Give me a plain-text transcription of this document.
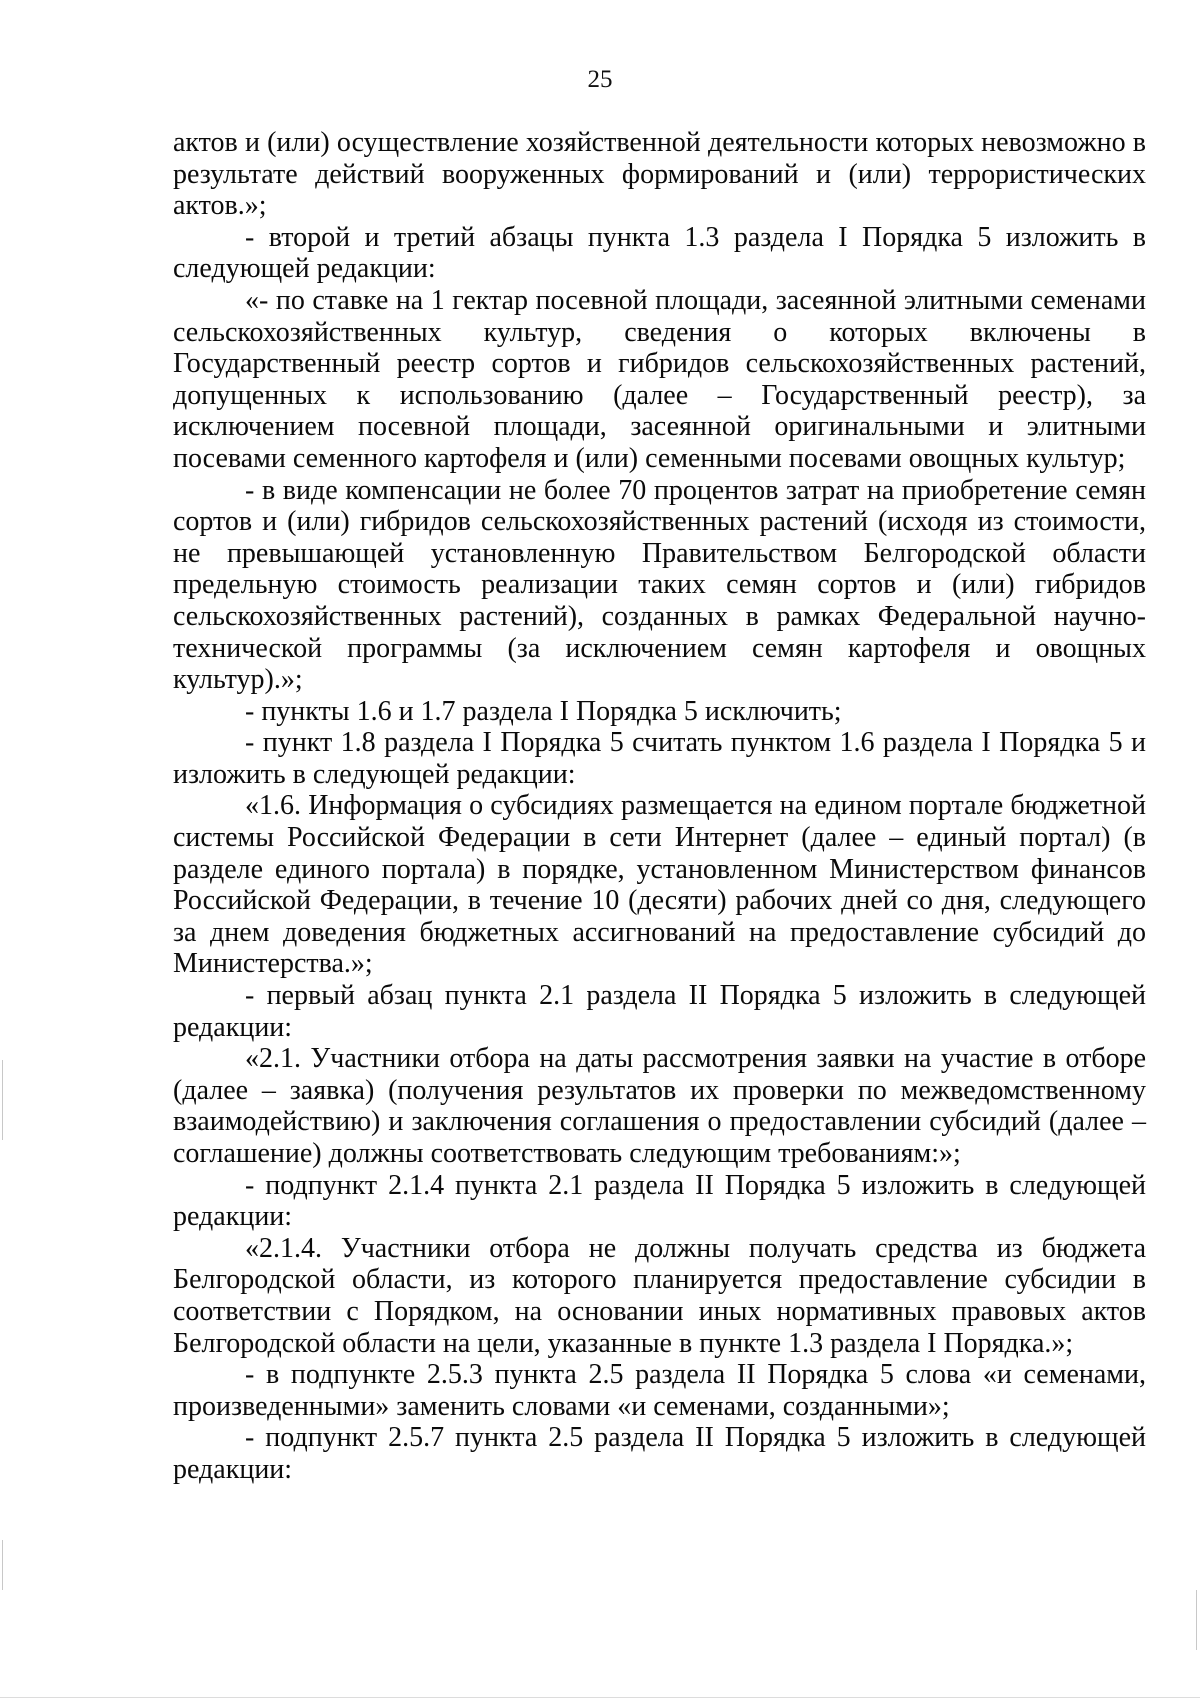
25

актов и (или) осуществление хозяйственной деятельности которых невозможно в результате действий вооруженных формирований и (или) террористических актов.»;

- второй и третий абзацы пункта 1.3 раздела I Порядка 5 изложить в следующей редакции:

«- по ставке на 1 гектар посевной площади, засеянной элитными семенами сельскохозяйственных культур, сведения о которых включены в Государственный реестр сортов и гибридов сельскохозяйственных растений, допущенных к использованию (далее – Государственный реестр), за исключением посевной площади, засеянной оригинальными и элитными посевами семенного картофеля и (или) семенными посевами овощных культур;

- в виде компенсации не более 70 процентов затрат на приобретение семян сортов и (или) гибридов сельскохозяйственных растений (исходя из стоимости, не превышающей установленную Правительством Белгородской области предельную стоимость реализации таких семян сортов и (или) гибридов сельскохозяйственных растений), созданных в рамках Федеральной научно-технической программы (за исключением семян картофеля и овощных культур).»;

- пункты 1.6 и 1.7 раздела I Порядка 5 исключить;

- пункт 1.8 раздела I Порядка 5 считать пунктом 1.6 раздела I Порядка 5 и изложить в следующей редакции:

«1.6. Информация о субсидиях размещается на едином портале бюджетной системы Российской Федерации в сети Интернет (далее – единый портал) (в разделе единого портала) в порядке, установленном Министерством финансов Российской Федерации, в течение 10 (десяти) рабочих дней со дня, следующего за днем доведения бюджетных ассигнований на предоставление субсидий до Министерства.»;

- первый абзац пункта 2.1 раздела II Порядка 5 изложить в следующей редакции:

«2.1. Участники отбора на даты рассмотрения заявки на участие в отборе (далее – заявка) (получения результатов их проверки по межведомственному взаимодействию) и заключения соглашения о предоставлении субсидий (далее – соглашение) должны соответствовать следующим требованиям:»;

- подпункт 2.1.4 пункта 2.1 раздела II Порядка 5 изложить в следующей редакции:

«2.1.4. Участники отбора не должны получать средства из бюджета Белгородской области, из которого планируется предоставление субсидии в соответствии с Порядком, на основании иных нормативных правовых актов Белгородской области на цели, указанные в пункте 1.3 раздела I Порядка.»;

- в подпункте 2.5.3 пункта 2.5 раздела II Порядка 5 слова «и семенами, произведенными» заменить словами «и семенами, созданными»;

- подпункт 2.5.7 пункта 2.5 раздела II Порядка 5 изложить в следующей редакции:
